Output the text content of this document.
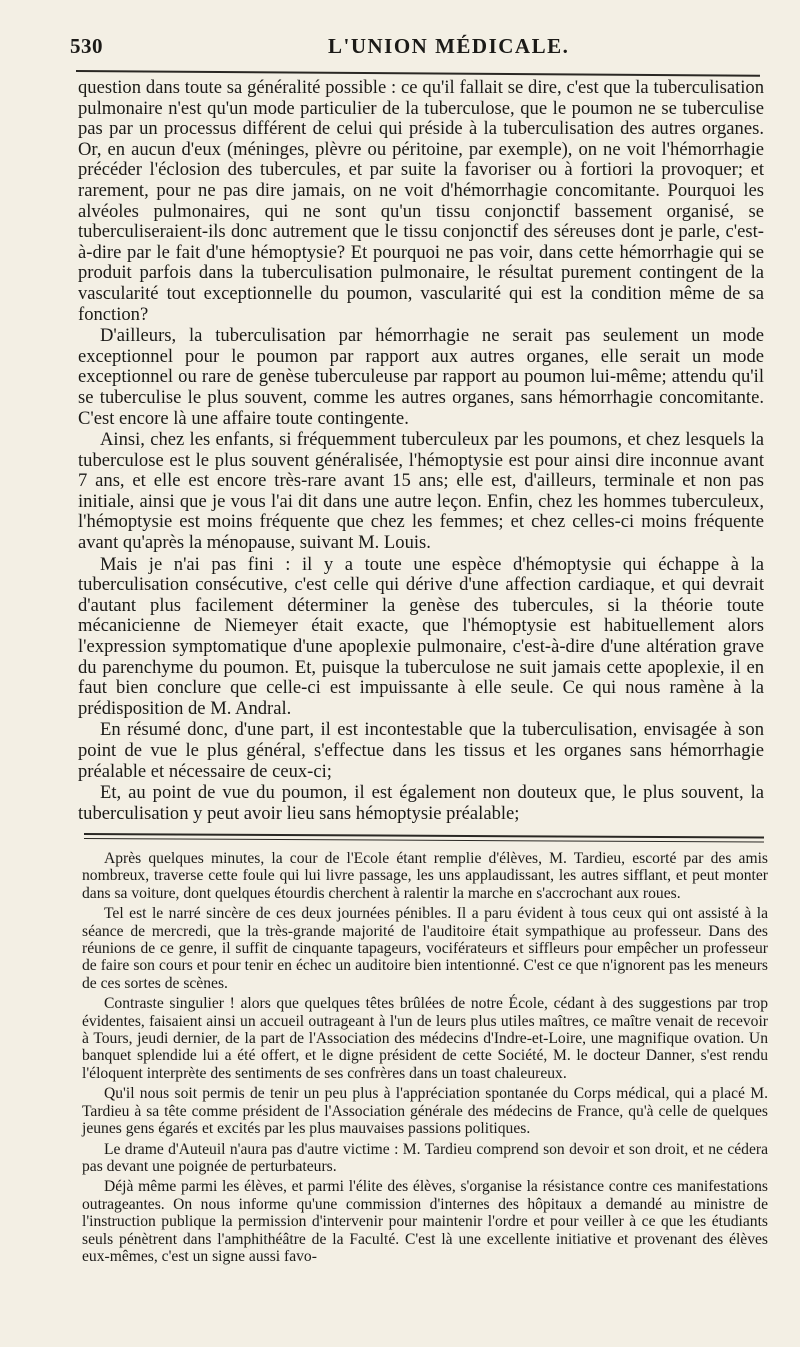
530	L'UNION MÉDICALE.

question dans toute sa généralité possible : ce qu'il fallait se dire, c'est que la tuberculisation pulmonaire n'est qu'un mode particulier de la tuberculose, que le poumon ne se tuberculise pas par un processus différent de celui qui préside à la tuberculisation des autres organes. Or, en aucun d'eux (méninges, plèvre ou péritoine, par exemple), on ne voit l'hémorrhagie précéder l'éclosion des tubercules, et par suite la favoriser ou à fortiori la provoquer; et rarement, pour ne pas dire jamais, on ne voit d'hémorrhagie concomitante. Pourquoi les alvéoles pulmonaires, qui ne sont qu'un tissu conjonctif bassement organisé, se tuberculiseraient-ils donc autrement que le tissu conjonctif des séreuses dont je parle, c'est-à-dire par le fait d'une hémoptysie? Et pourquoi ne pas voir, dans cette hémorrhagie qui se produit parfois dans la tuberculisation pulmonaire, le résultat purement contingent de la vascularité tout exceptionnelle du poumon, vascularité qui est la condition même de sa fonction?

D'ailleurs, la tuberculisation par hémorrhagie ne serait pas seulement un mode exceptionnel pour le poumon par rapport aux autres organes, elle serait un mode exceptionnel ou rare de genèse tuberculeuse par rapport au poumon lui-même; attendu qu'il se tuberculise le plus souvent, comme les autres organes, sans hémorrhagie concomitante. C'est encore là une affaire toute contingente.

Ainsi, chez les enfants, si fréquemment tuberculeux par les poumons, et chez lesquels la tuberculose est le plus souvent généralisée, l'hémoptysie est pour ainsi dire inconnue avant 7 ans, et elle est encore très-rare avant 15 ans; elle est, d'ailleurs, terminale et non pas initiale, ainsi que je vous l'ai dit dans une autre leçon. Enfin, chez les hommes tuberculeux, l'hémoptysie est moins fréquente que chez les femmes; et chez celles-ci moins fréquente avant qu'après la ménopause, suivant M. Louis.

Mais je n'ai pas fini : il y a toute une espèce d'hémoptysie qui échappe à la tuberculisation consécutive, c'est celle qui dérive d'une affection cardiaque, et qui devrait d'autant plus facilement déterminer la genèse des tubercules, si la théorie toute mécanicienne de Niemeyer était exacte, que l'hémoptysie est habituellement alors l'expression symptomatique d'une apoplexie pulmonaire, c'est-à-dire d'une altération grave du parenchyme du poumon. Et, puisque la tuberculose ne suit jamais cette apoplexie, il en faut bien conclure que celle-ci est impuissante à elle seule. Ce qui nous ramène à la prédisposition de M. Andral.

En résumé donc, d'une part, il est incontestable que la tuberculisation, envisagée à son point de vue le plus général, s'effectue dans les tissus et les organes sans hémorrhagie préalable et nécessaire de ceux-ci;

Et, au point de vue du poumon, il est également non douteux que, le plus souvent, la tuberculisation y peut avoir lieu sans hémoptysie préalable;

Après quelques minutes, la cour de l'Ecole étant remplie d'élèves, M. Tardieu, escorté par des amis nombreux, traverse cette foule qui lui livre passage, les uns applaudissant, les autres sifflant, et peut monter dans sa voiture, dont quelques étourdis cherchent à ralentir la marche en s'accrochant aux roues.

Tel est le narré sincère de ces deux journées pénibles. Il a paru évident à tous ceux qui ont assisté à la séance de mercredi, que la très-grande majorité de l'auditoire était sympathique au professeur. Dans des réunions de ce genre, il suffit de cinquante tapageurs, vociférateurs et siffleurs pour empêcher un professeur de faire son cours et pour tenir en échec un auditoire bien intentionné. C'est ce que n'ignorent pas les meneurs de ces sortes de scènes.

Contraste singulier ! alors que quelques têtes brûlées de notre École, cédant à des suggestions par trop évidentes, faisaient ainsi un accueil outrageant à l'un de leurs plus utiles maîtres, ce maître venait de recevoir à Tours, jeudi dernier, de la part de l'Association des médecins d'Indre-et-Loire, une magnifique ovation. Un banquet splendide lui a été offert, et le digne président de cette Société, M. le docteur Danner, s'est rendu l'éloquent interprète des sentiments de ses confrères dans un toast chaleureux.

Qu'il nous soit permis de tenir un peu plus à l'appréciation spontanée du Corps médical, qui a placé M. Tardieu à sa tête comme président de l'Association générale des médecins de France, qu'à celle de quelques jeunes gens égarés et excités par les plus mauvaises passions politiques.

Le drame d'Auteuil n'aura pas d'autre victime : M. Tardieu comprend son devoir et son droit, et ne cédera pas devant une poignée de perturbateurs.

Déjà même parmi les élèves, et parmi l'élite des élèves, s'organise la résistance contre ces manifestations outrageantes. On nous informe qu'une commission d'internes des hôpitaux a demandé au ministre de l'instruction publique la permission d'intervenir pour maintenir l'ordre et pour veiller à ce que les étudiants seuls pénètrent dans l'amphithéâtre de la Faculté. C'est là une excellente initiative et provenant des élèves eux-mêmes, c'est un signe aussi favo-
